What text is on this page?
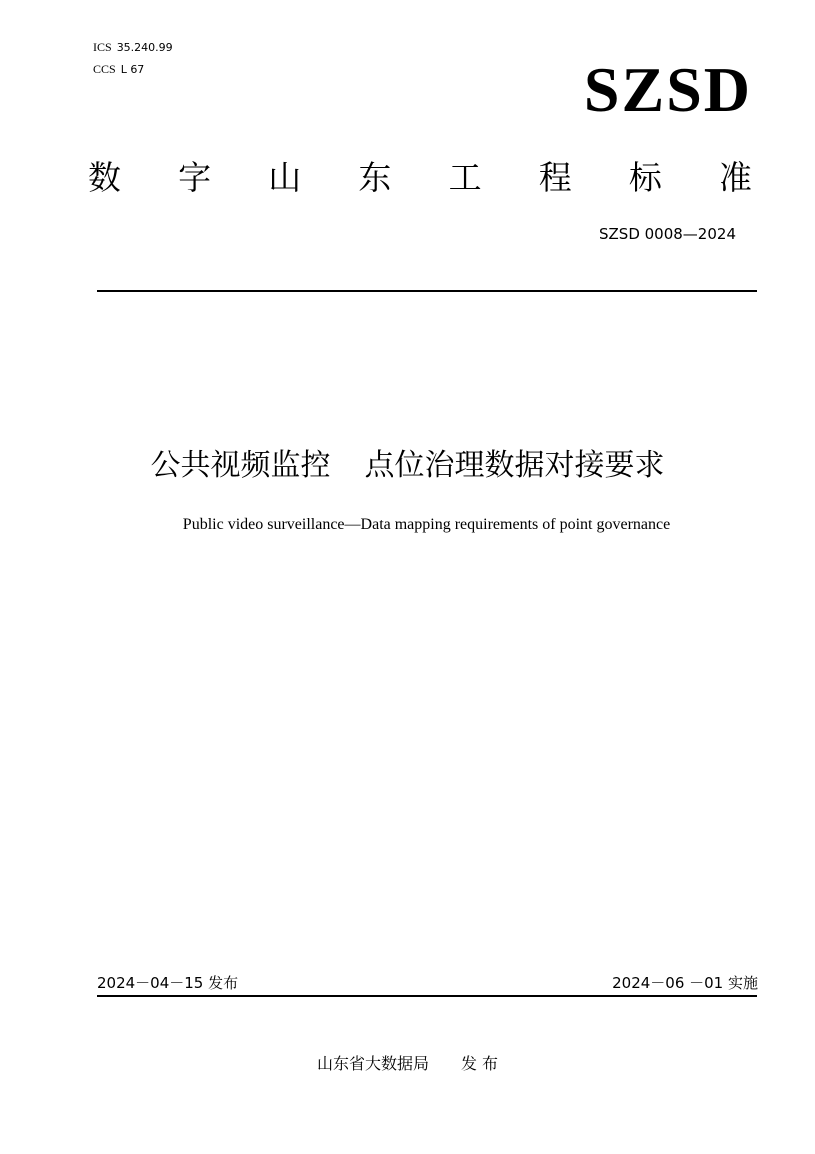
ICS 35.240.99
CCS L 67	SZSD
数 字 山 东 工 程 标 准
SZSD 0008—2024
公共视频监控 点位治理数据对接要求
Public video surveillance—Data mapping requirements of point governance
2024－04－15 发布	2024－06 －01 实施
山东省大数据局 发 布
